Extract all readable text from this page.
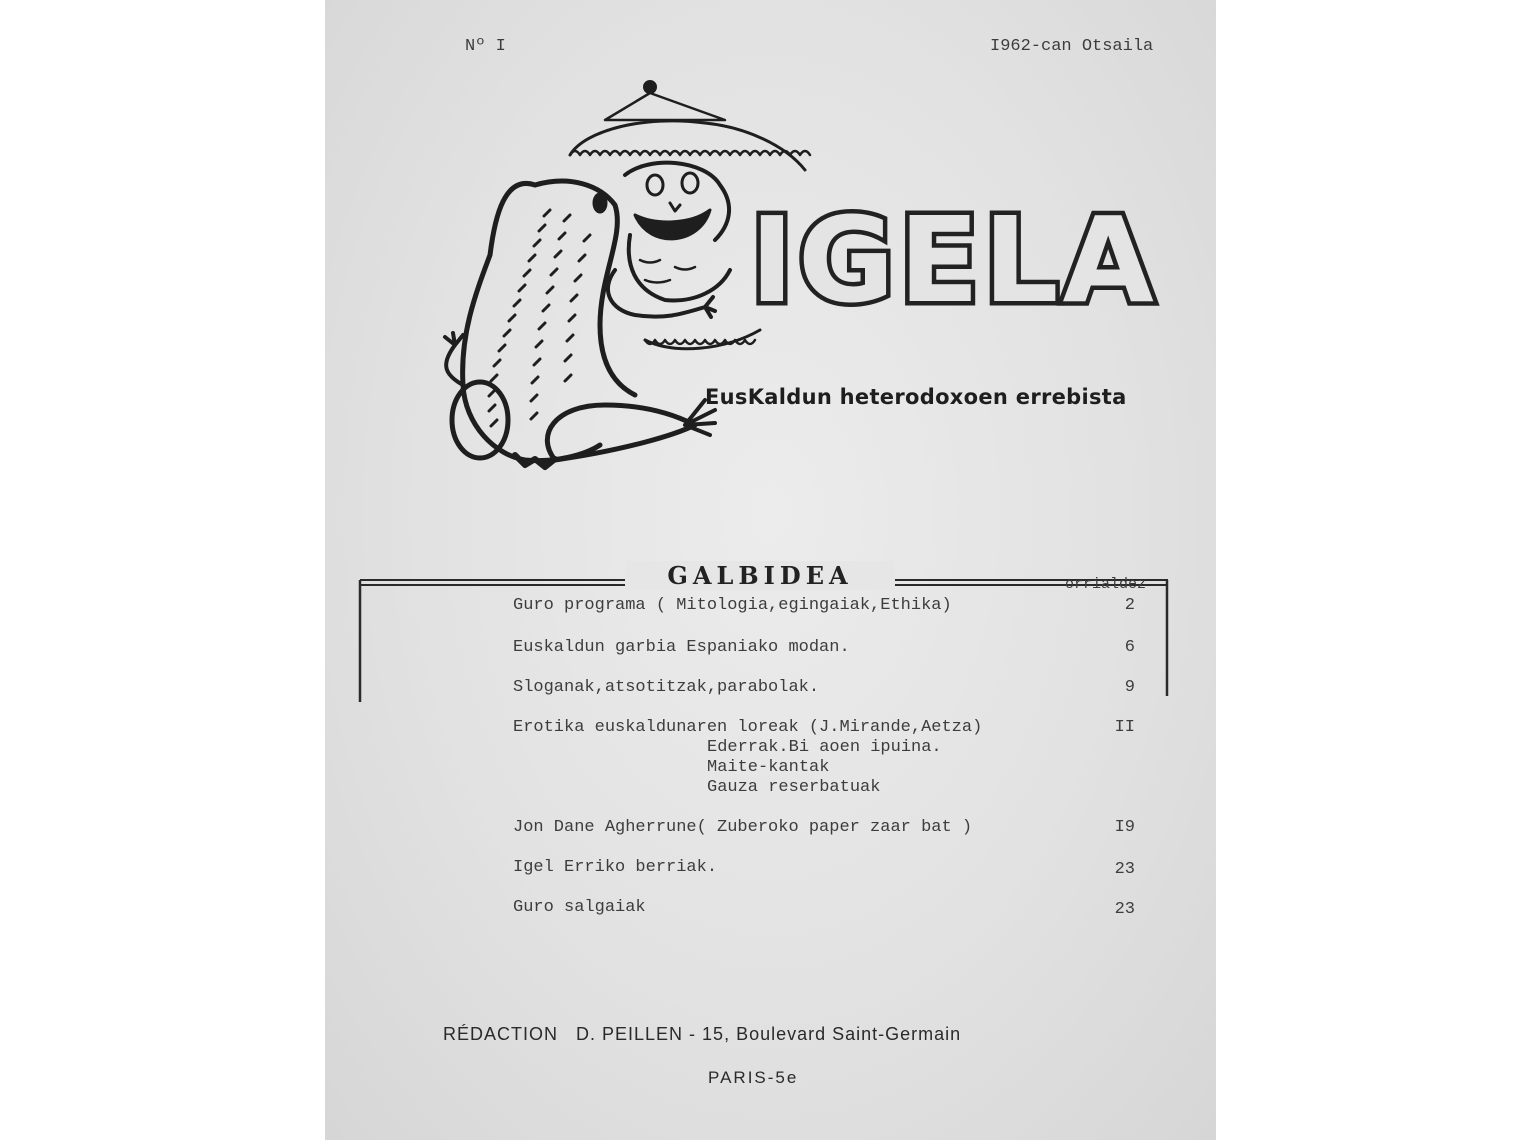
Nº I	I962-can Otsaila
IGELA
EusKaldun heterodoxoen errebista
GALBIDEA	orrialdez
Guro programa ( Mitologia,egingaiak,Ethika)	2
Euskaldun garbia Espaniako modan.	6
Sloganak,atsotitzak,parabolak.	9
Erotika euskaldunaren loreak (J.Mirande,Aetza)	II
Ederrak.Bi aoen ipuina.
Maite-kantak
Gauza reserbatuak
Jon Dane Agherrune( Zuberoko paper zaar bat )	I9
Igel Erriko berriak.	23
Guro salgaiak	23
RÉDACTION   D. PEILLEN - 15, Boulevard Saint-Germain
PARIS-5e
